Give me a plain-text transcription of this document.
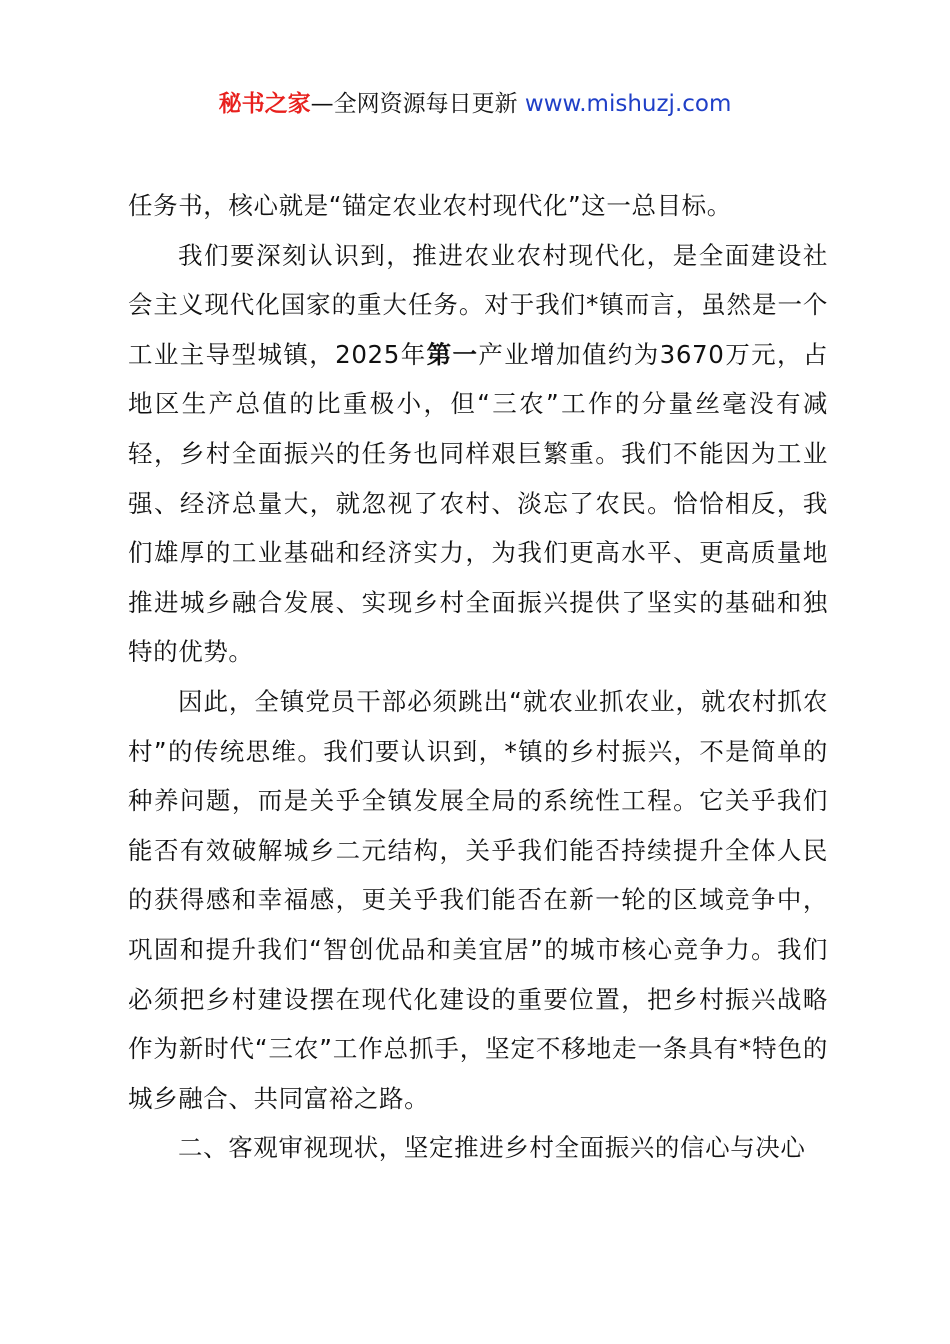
秘书之家—全网资源每日更新 www.mishuzj.com

任务书，核心就是“锚定农业农村现代化”这一总目标。

我们要深刻认识到，推进农业农村现代化，是全面建设社会主义现代化国家的重大任务。对于我们*镇而言，虽然是一个工业主导型城镇，2025年第一产业增加值约为3670万元，占地区生产总值的比重极小，但“三农”工作的分量丝毫没有减轻，乡村全面振兴的任务也同样艰巨繁重。我们不能因为工业强、经济总量大，就忽视了农村、淡忘了农民。恰恰相反，我们雄厚的工业基础和经济实力，为我们更高水平、更高质量地推进城乡融合发展、实现乡村全面振兴提供了坚实的基础和独特的优势。

因此，全镇党员干部必须跳出“就农业抓农业，就农村抓农村”的传统思维。我们要认识到，*镇的乡村振兴，不是简单的种养问题，而是关乎全镇发展全局的系统性工程。它关乎我们能否有效破解城乡二元结构，关乎我们能否持续提升全体人民的获得感和幸福感，更关乎我们能否在新一轮的区域竞争中，巩固和提升我们“智创优品和美宜居”的城市核心竞争力。我们必须把乡村建设摆在现代化建设的重要位置，把乡村振兴战略作为新时代“三农”工作总抓手，坚定不移地走一条具有*特色的城乡融合、共同富裕之路。

二、客观审视现状，坚定推进乡村全面振兴的信心与决心
